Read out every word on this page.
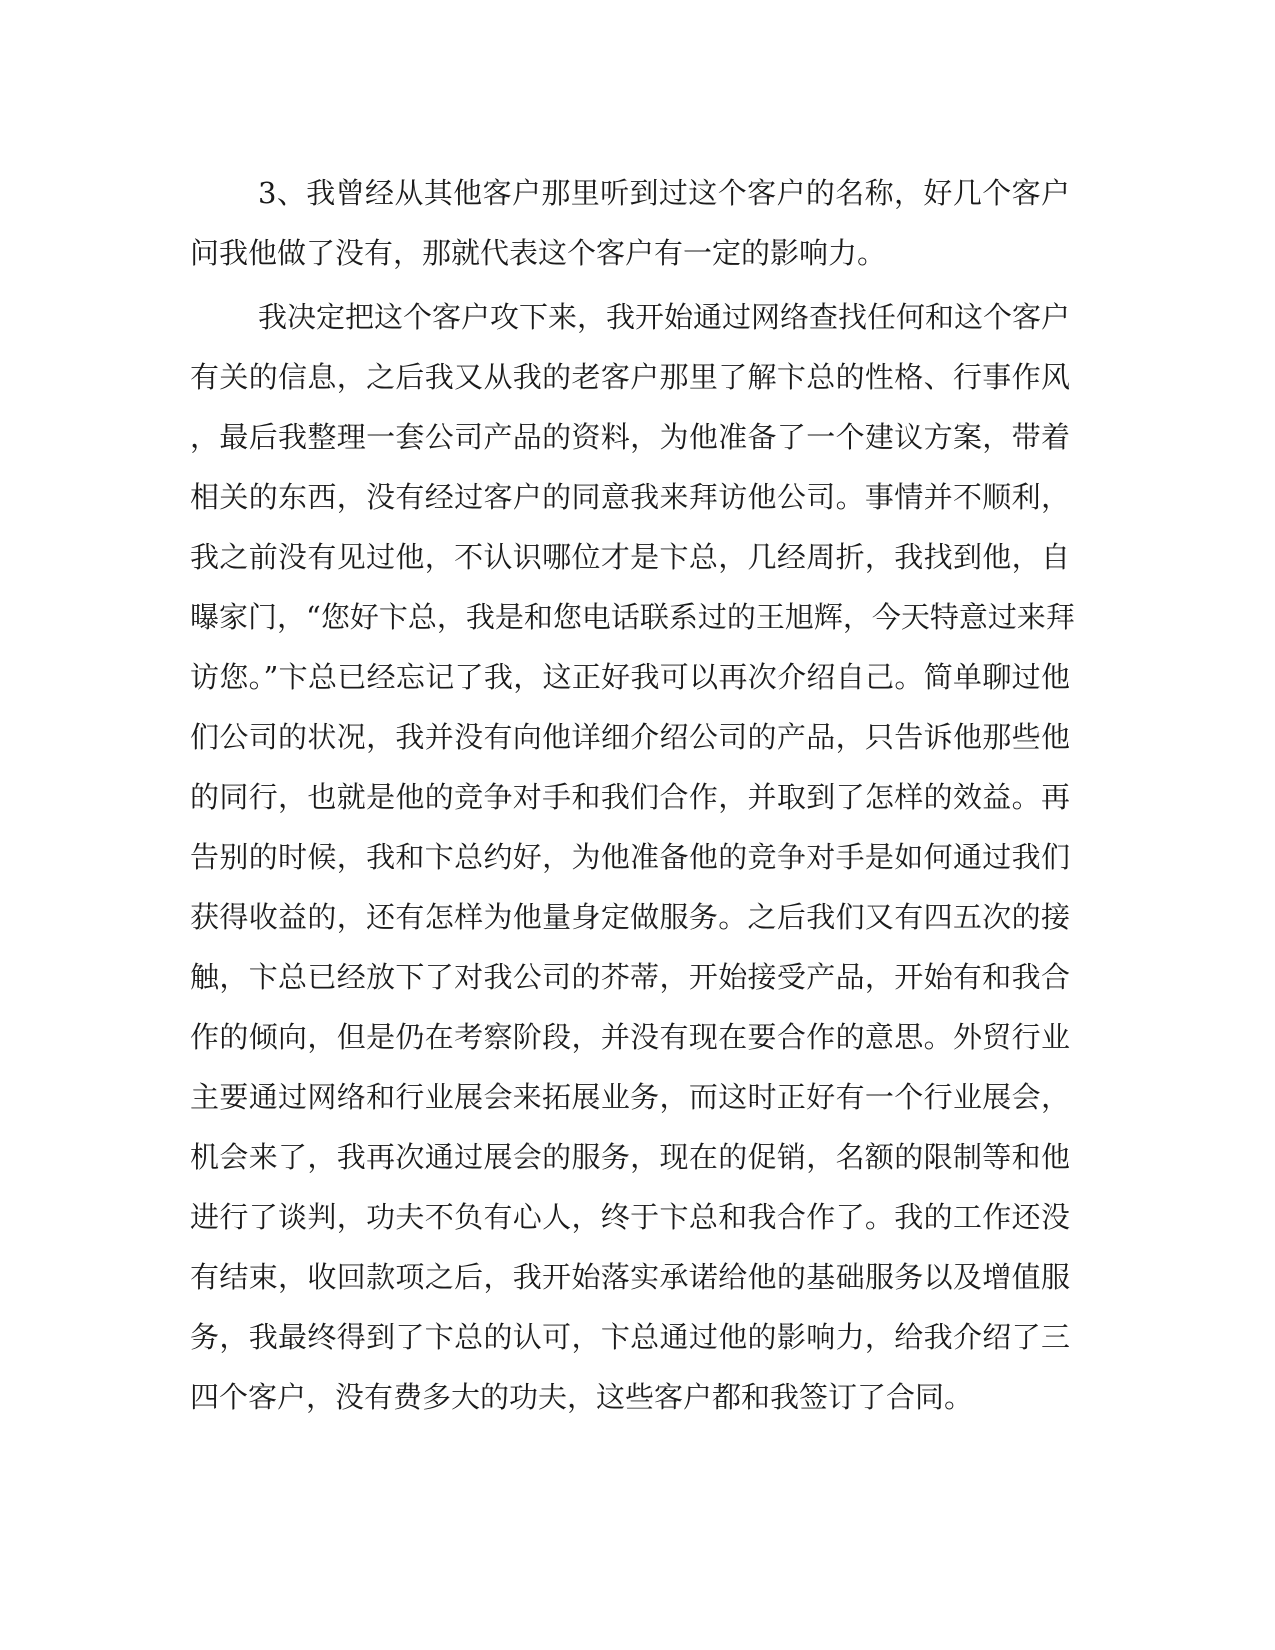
3、我曾经从其他客户那里听到过这个客户的名称，好几个客户
问我他做了没有，那就代表这个客户有一定的影响力。
我决定把这个客户攻下来，我开始通过网络查找任何和这个客户
有关的信息，之后我又从我的老客户那里了解卞总的性格、行事作风
，最后我整理一套公司产品的资料，为他准备了一个建议方案，带着
相关的东西，没有经过客户的同意我来拜访他公司。事情并不顺利，
我之前没有见过他，不认识哪位才是卞总，几经周折，我找到他，自
曝家门，“您好卞总，我是和您电话联系过的王旭辉，今天特意过来拜
访您。”卞总已经忘记了我，这正好我可以再次介绍自己。简单聊过他
们公司的状况，我并没有向他详细介绍公司的产品，只告诉他那些他
的同行，也就是他的竞争对手和我们合作，并取到了怎样的效益。再
告别的时候，我和卞总约好，为他准备他的竞争对手是如何通过我们
获得收益的，还有怎样为他量身定做服务。之后我们又有四五次的接
触，卞总已经放下了对我公司的芥蒂，开始接受产品，开始有和我合
作的倾向，但是仍在考察阶段，并没有现在要合作的意思。外贸行业
主要通过网络和行业展会来拓展业务，而这时正好有一个行业展会，
机会来了，我再次通过展会的服务，现在的促销，名额的限制等和他
进行了谈判，功夫不负有心人，终于卞总和我合作了。我的工作还没
有结束，收回款项之后，我开始落实承诺给他的基础服务以及增值服
务，我最终得到了卞总的认可，卞总通过他的影响力，给我介绍了三
四个客户，没有费多大的功夫，这些客户都和我签订了合同。
